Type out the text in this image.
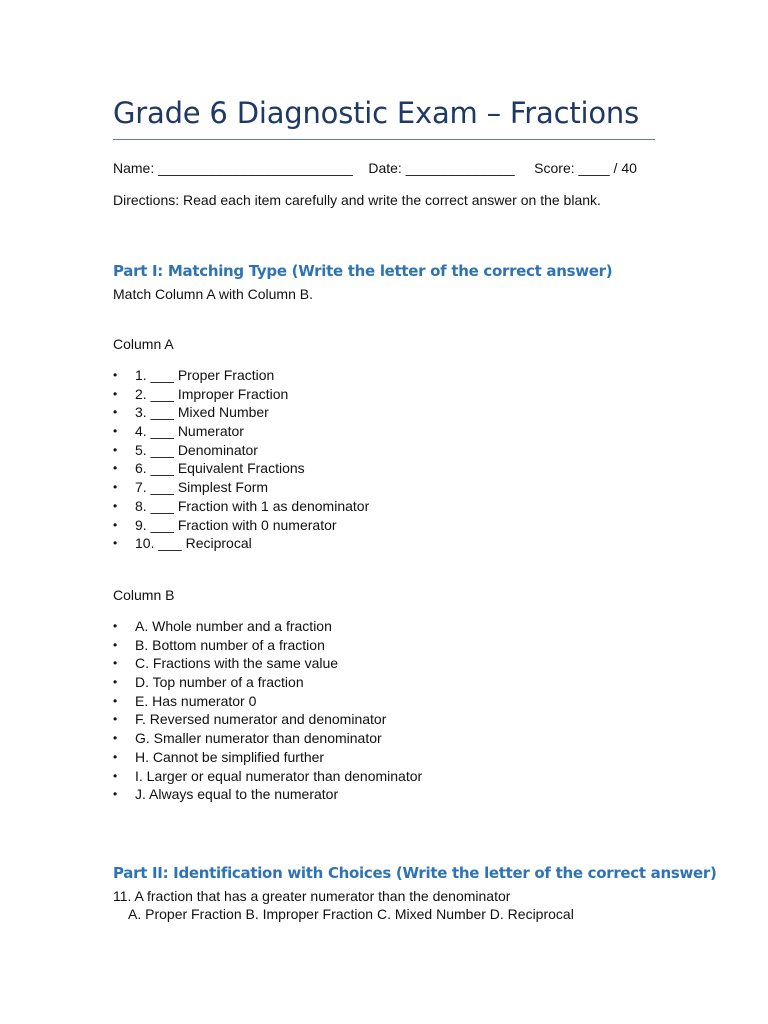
Grade 6 Diagnostic Exam – Fractions
Name: _________________________ Date: ______________ Score: ____ / 40
Directions: Read each item carefully and write the correct answer on the blank.
Part I: Matching Type (Write the letter of the correct answer)
Match Column A with Column B.
Column A
• 1. ___ Proper Fraction
• 2. ___ Improper Fraction
• 3. ___ Mixed Number
• 4. ___ Numerator
• 5. ___ Denominator
• 6. ___ Equivalent Fractions
• 7. ___ Simplest Form
• 8. ___ Fraction with 1 as denominator
• 9. ___ Fraction with 0 numerator
• 10. ___ Reciprocal
Column B
• A. Whole number and a fraction
• B. Bottom number of a fraction
• C. Fractions with the same value
• D. Top number of a fraction
• E. Has numerator 0
• F. Reversed numerator and denominator
• G. Smaller numerator than denominator
• H. Cannot be simplified further
• I. Larger or equal numerator than denominator
• J. Always equal to the numerator
Part II: Identification with Choices (Write the letter of the correct answer)
11. A fraction that has a greater numerator than the denominator
A. Proper Fraction B. Improper Fraction C. Mixed Number D. Reciprocal
